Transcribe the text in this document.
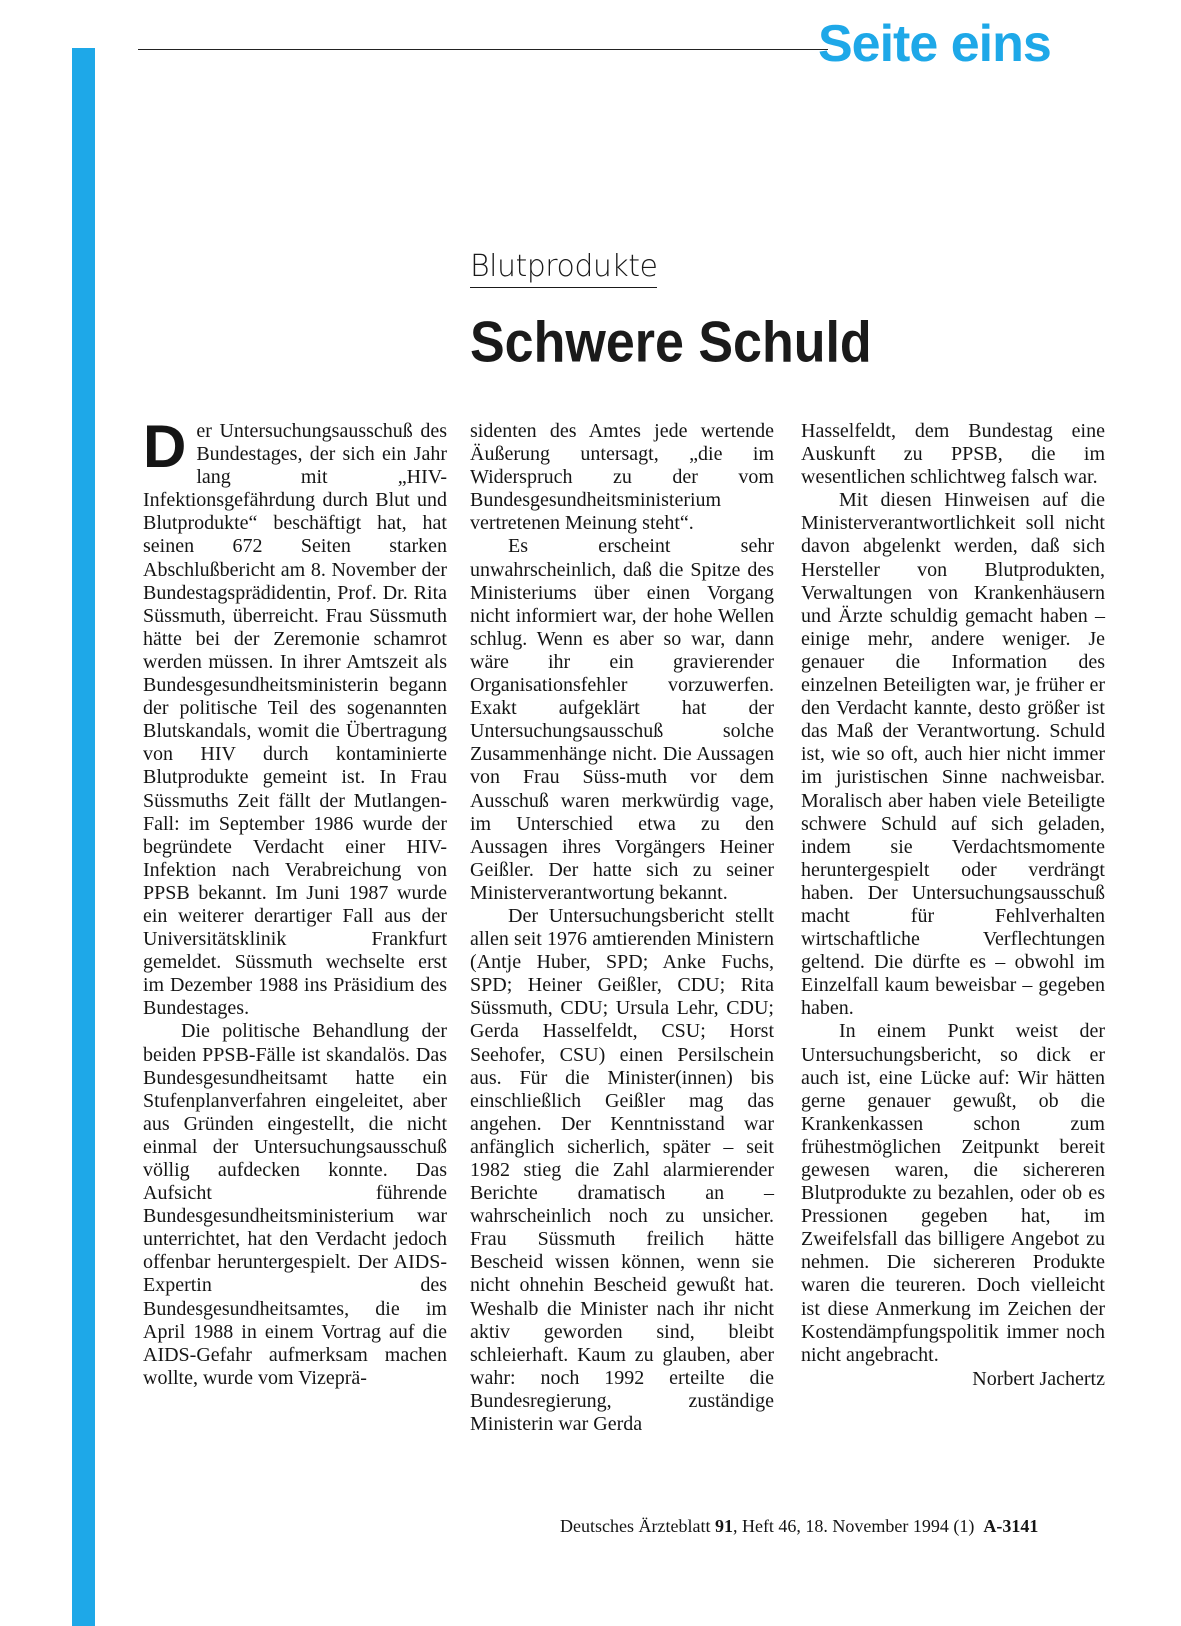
Seite eins
Blutprodukte
Schwere Schuld

Der Untersuchungsausschuß des Bundestages, der sich ein Jahr lang mit „HIV-Infektionsgefährdung durch Blut und Blutprodukte“ beschäftigt hat, hat seinen 672 Seiten starken Abschlußbericht am 8. November der Bundestagsprädidentin, Prof. Dr. Rita Süssmuth, überreicht. Frau Süssmuth hätte bei der Zeremonie schamrot werden müssen. In ihrer Amtszeit als Bundesgesundheitsministerin begann der politische Teil des sogenannten Blutskandals, womit die Übertragung von HIV durch kontaminierte Blutprodukte gemeint ist. In Frau Süssmuths Zeit fällt der Mutlangen-Fall: im September 1986 wurde der begründete Verdacht einer HIV-Infektion nach Verabreichung von PPSB bekannt. Im Juni 1987 wurde ein weiterer derartiger Fall aus der Universitätsklinik Frankfurt gemeldet. Süssmuth wechselte erst im Dezember 1988 ins Präsidium des Bundestages.

Die politische Behandlung der beiden PPSB-Fälle ist skandalös. Das Bundesgesundheitsamt hatte ein Stufenplanverfahren eingeleitet, aber aus Gründen eingestellt, die nicht einmal der Untersuchungsausschuß völlig aufdecken konnte. Das Aufsicht führende Bundesgesundheitsministerium war unterrichtet, hat den Verdacht jedoch offenbar heruntergespielt. Der AIDS-Expertin des Bundesgesundheitsamtes, die im April 1988 in einem Vortrag auf die AIDS-Gefahr aufmerksam machen wollte, wurde vom Vizeprä-

sidenten des Amtes jede wertende Äußerung untersagt, „die im Widerspruch zu der vom Bundesgesundheitsministerium vertretenen Meinung steht“.

Es erscheint sehr unwahrscheinlich, daß die Spitze des Ministeriums über einen Vorgang nicht informiert war, der hohe Wellen schlug. Wenn es aber so war, dann wäre ihr ein gravierender Organisationsfehler vorzuwerfen. Exakt aufgeklärt hat der Untersuchungsausschuß solche Zusammenhänge nicht. Die Aussagen von Frau Süss-muth vor dem Ausschuß waren merkwürdig vage, im Unterschied etwa zu den Aussagen ihres Vorgängers Heiner Geißler. Der hatte sich zu seiner Ministerverantwortung bekannt.

Der Untersuchungsbericht stellt allen seit 1976 amtierenden Ministern (Antje Huber, SPD; Anke Fuchs, SPD; Heiner Geißler, CDU; Rita Süssmuth, CDU; Ursula Lehr, CDU; Gerda Hasselfeldt, CSU; Horst Seehofer, CSU) einen Persilschein aus. Für die Minister(innen) bis einschließlich Geißler mag das angehen. Der Kenntnisstand war anfänglich sicherlich, später – seit 1982 stieg die Zahl alarmierender Berichte dramatisch an – wahrscheinlich noch zu unsicher. Frau Süssmuth freilich hätte Bescheid wissen können, wenn sie nicht ohnehin Bescheid gewußt hat. Weshalb die Minister nach ihr nicht aktiv geworden sind, bleibt schleierhaft. Kaum zu glauben, aber wahr: noch 1992 erteilte die Bundesregierung, zuständige Ministerin war Gerda

Hasselfeldt, dem Bundestag eine Auskunft zu PPSB, die im wesentlichen schlichtweg falsch war.

Mit diesen Hinweisen auf die Ministerverantwortlichkeit soll nicht davon abgelenkt werden, daß sich Hersteller von Blutprodukten, Verwaltungen von Krankenhäusern und Ärzte schuldig gemacht haben – einige mehr, andere weniger. Je genauer die Information des einzelnen Beteiligten war, je früher er den Verdacht kannte, desto größer ist das Maß der Verantwortung. Schuld ist, wie so oft, auch hier nicht immer im juristischen Sinne nachweisbar. Moralisch aber haben viele Beteiligte schwere Schuld auf sich geladen, indem sie Verdachtsmomente heruntergespielt oder verdrängt haben. Der Untersuchungsausschuß macht für Fehlverhalten wirtschaftliche Verflechtungen geltend. Die dürfte es – obwohl im Einzelfall kaum beweisbar – gegeben haben.

In einem Punkt weist der Untersuchungsbericht, so dick er auch ist, eine Lücke auf: Wir hätten gerne genauer gewußt, ob die Krankenkassen schon zum frühestmöglichen Zeitpunkt bereit gewesen waren, die sichereren Blutprodukte zu bezahlen, oder ob es Pressionen gegeben hat, im Zweifelsfall das billigere Angebot zu nehmen. Die sichereren Produkte waren die teureren. Doch vielleicht ist diese Anmerkung im Zeichen der Kostendämpfungspolitik immer noch nicht angebracht.

Norbert Jachertz
Deutsches Ärzteblatt 91, Heft 46, 18. November 1994 (1) A-3141
